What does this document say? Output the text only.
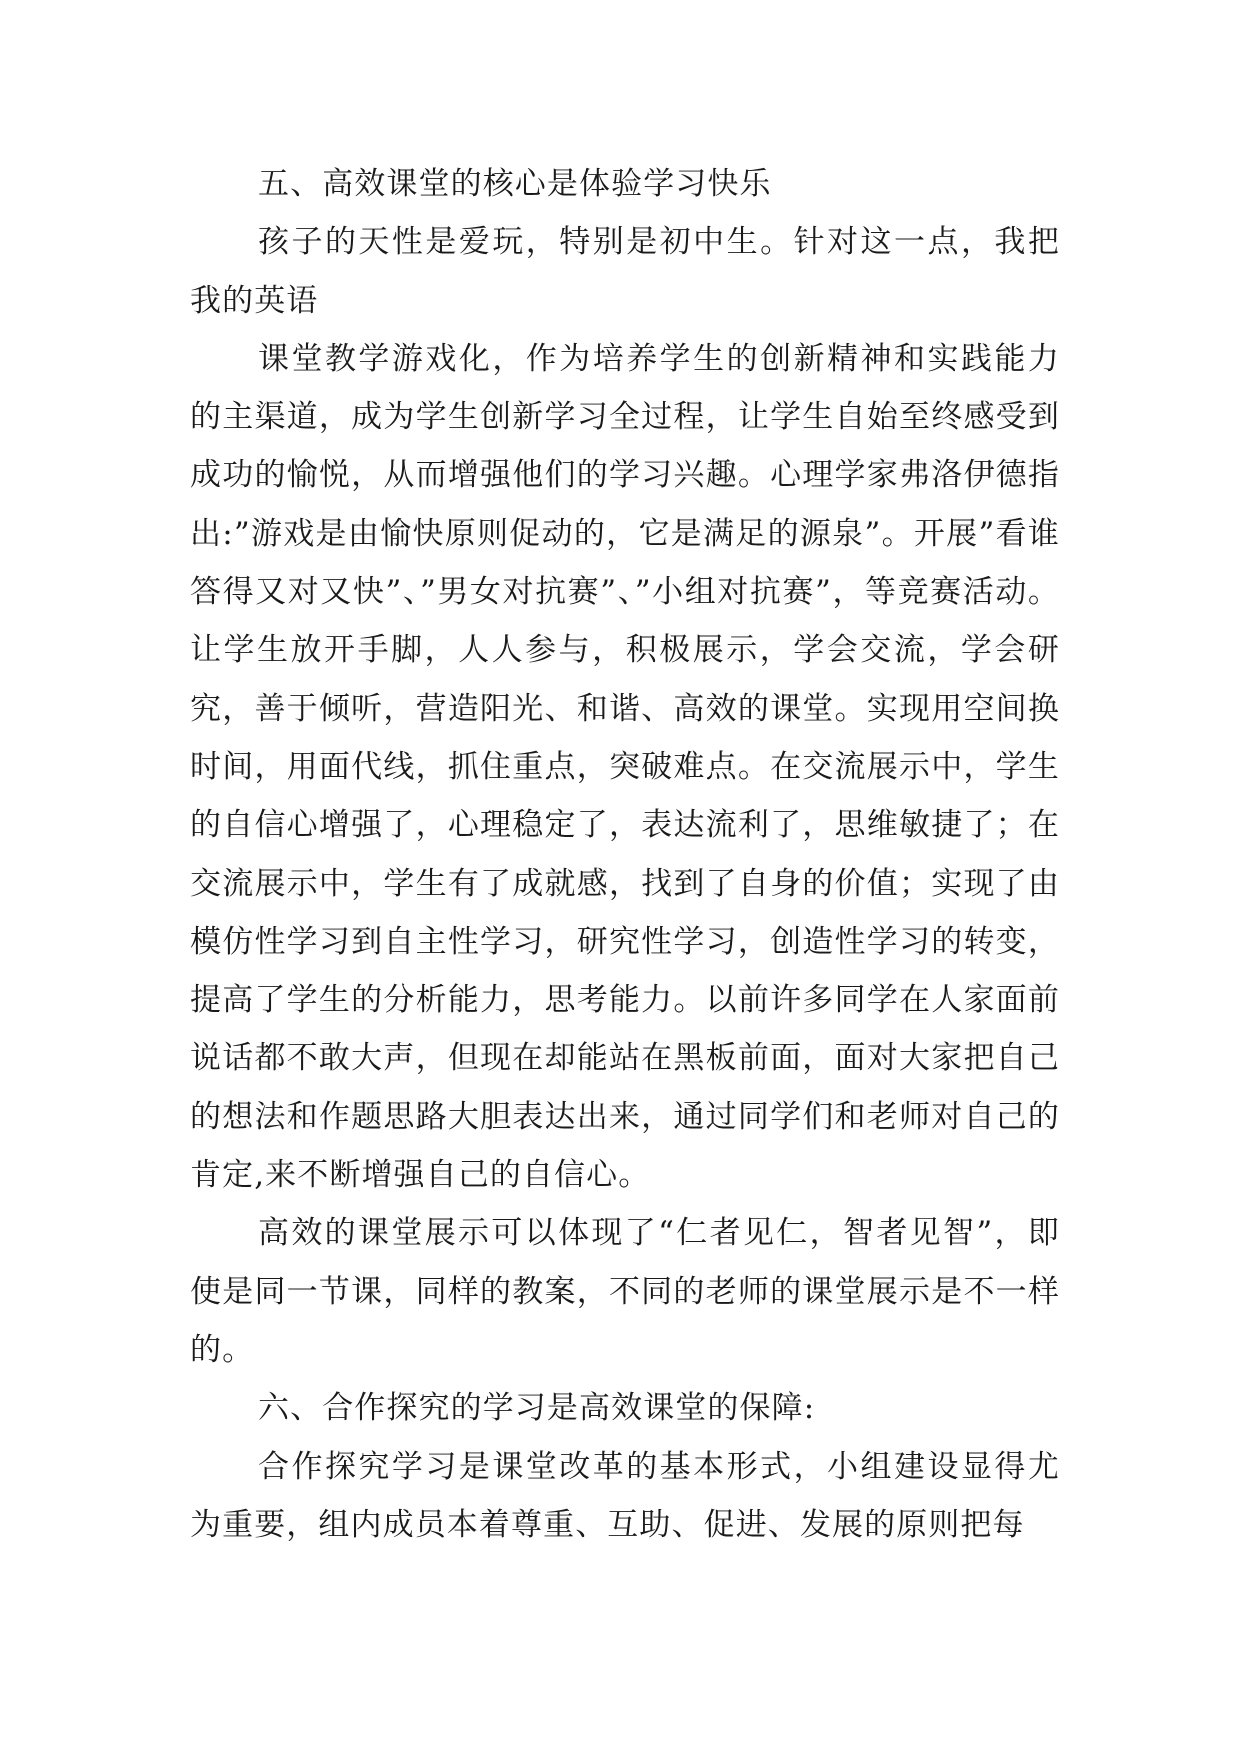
五、高效课堂的核心是体验学习快乐

孩子的天性是爱玩，特别是初中生。针对这一点，我把我的英语

课堂教学游戏化，作为培养学生的创新精神和实践能力的主渠道，成为学生创新学习全过程，让学生自始至终感受到成功的愉悦，从而增强他们的学习兴趣。心理学家弗洛伊德指出:”游戏是由愉快原则促动的，它是满足的源泉”。开展”看谁答得又对又快”、”男女对抗赛”、”小组对抗赛”，等竞赛活动。让学生放开手脚，人人参与，积极展示，学会交流，学会研究，善于倾听，营造阳光、和谐、高效的课堂。实现用空间换时间，用面代线，抓住重点，突破难点。在交流展示中，学生的自信心增强了，心理稳定了，表达流利了，思维敏捷了；在交流展示中，学生有了成就感，找到了自身的价值；实现了由模仿性学习到自主性学习，研究性学习，创造性学习的转变，提高了学生的分析能力，思考能力。以前许多同学在人家面前说话都不敢大声，但现在却能站在黑板前面，面对大家把自己的想法和作题思路大胆表达出来，通过同学们和老师对自己的肯定,来不断增强自己的自信心。

高效的课堂展示可以体现了“仁者见仁，智者见智”，即使是同一节课，同样的教案，不同的老师的课堂展示是不一样的。

六、合作探究的学习是高效课堂的保障:

合作探究学习是课堂改革的基本形式，小组建设显得尤为重要，组内成员本着尊重、互助、促进、发展的原则把每
